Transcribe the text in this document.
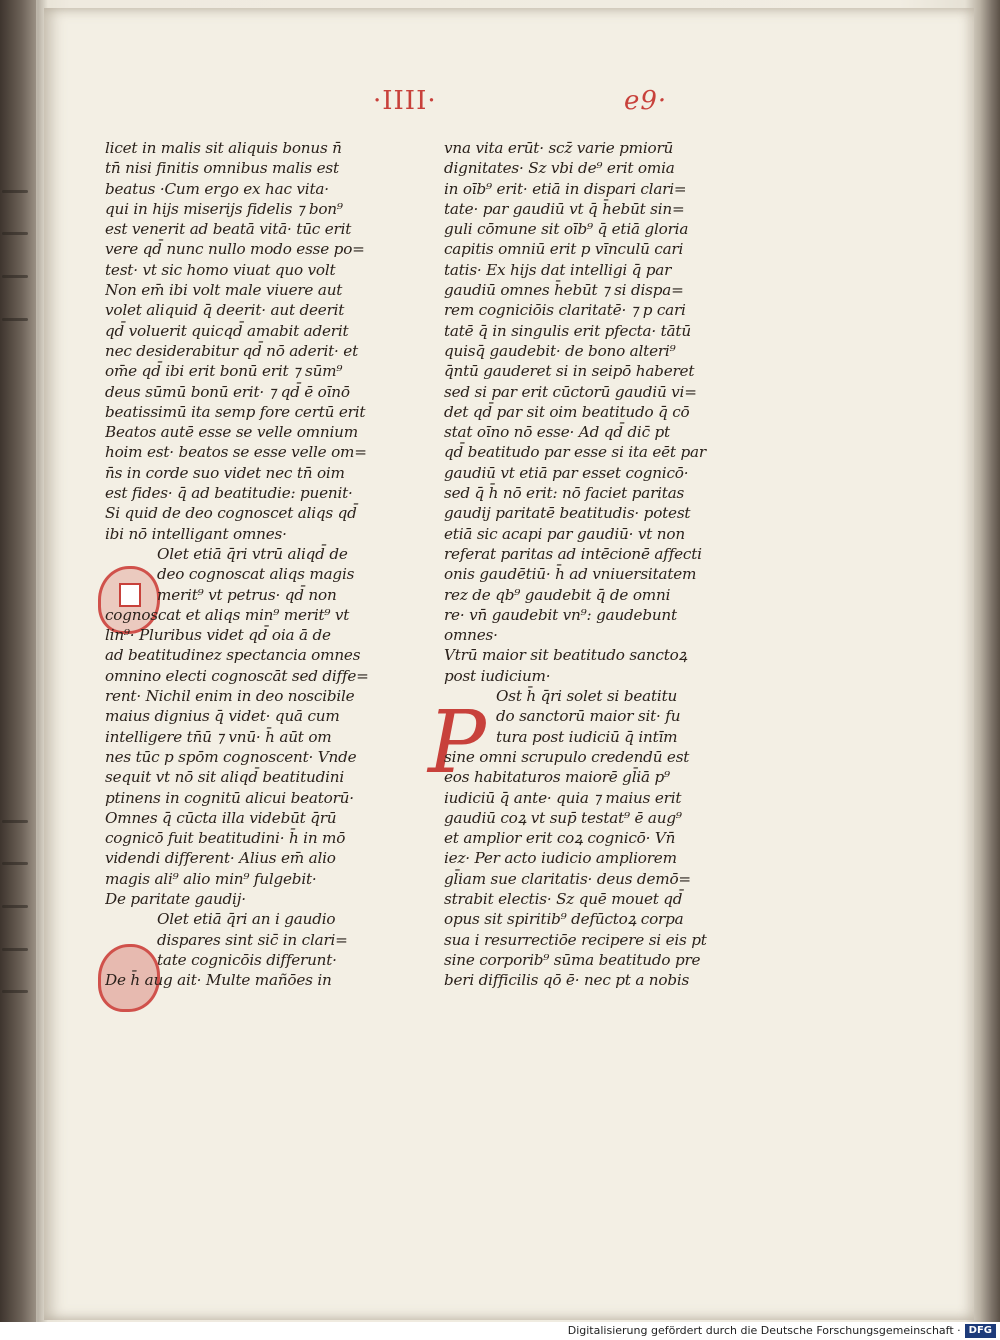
·IIII·	e9·
P
licet in malis sit aliquis bonus n̄
tn̄ nisi finitis omnibus malis est
beatus ·Cum ergo ex hac vita·
qui in hijs miserijs fidelis ⁊ bon⁹
est venerit ad beatā vitā· tūc erit
vere qd̄ nunc nullo modo esse po=
test· vt sic homo viuat quo volt
Non em̄ ibi volt male viuere aut
volet aliquid q̄ deerit· aut deerit
qd̄ voluerit quicqd̄ amabit aderit
nec desiderabitur qd̄ nō aderit· et
om̄e qd̄ ibi erit bonū erit ⁊ sūm⁹
deus sūmū bonū erit· ⁊ qd̄ ē oīnō
beatissimū ita semp fore certū erit
Beatos autē esse se velle omnium
hoim est· beatos se esse velle om=
n̄s in corde suo videt nec tn̄ oim
est fides· q̄ ad beatitudie: puenit·
Si quid de deo cognoscet aliqs qd̄
ibi nō intelligant omnes·
Olet etiā q̄ri vtrū aliqd̄ de
deo cognoscat aliqs magis
merit⁹ vt petrus· qd̄ non
cognoscat et aliqs min⁹ merit⁹ vt
lin⁹· Pluribus videt qd̄ oia ā de
ad beatitudinez spectancia omnes
omnino electi cognoscāt sed diffe=
rent· Nichil enim in deo noscibile
maius dignius q̄ videt· quā cum
intelligere tn̄ū ⁊ vnū· h̄ aūt om
nes tūc p spōm cognoscent· Vnde
sequit vt nō sit aliqd̄ beatitudini
ptinens in cognitū alicui beatorū·
Omnes q̄ cūcta illa videbūt q̄rū
cognicō fuit beatitudini· h̄ in mō
videndi different· Alius em̄ alio
magis ali⁹ alio min⁹ fulgebit·
De paritate gaudij·
Olet etiā q̄ri an i gaudio
dispares sint sic̄ in clari=
tate cognicōis differunt·
De h̄ aug ait· Multe mañōes in
vna vita erūt· scz̄ varie pmiorū
dignitates· Sz vbi de⁹ erit omia
in oīb⁹ erit· etiā in dispari clari=
tate· par gaudiū vt q̄ h̄ebūt sin=
guli cōmune sit oīb⁹ q̄ etiā gloria
capitis omniū erit p vīnculū cari
tatis· Ex hijs dat intelligi q̄ par
gaudiū omnes h̄ebūt ⁊ si dispa=
rem cogniciōis claritatē· ⁊ p cari
tatē q̄ in singulis erit pfecta· tātū
quisq̄ gaudebit· de bono alteri⁹
q̄ntū gauderet si in seipō haberet
sed si par erit cūctorū gaudiū vi=
det qd̄ par sit oim beatitudo q̄ cō
stat oīno nō esse· Ad qd̄ dic̄ pt
qd̄ beatitudo par esse si ita eēt par
gaudiū vt etiā par esset cognicō·
sed q̄ h̄ nō erit: nō faciet paritas
gaudij paritatē beatitudis· potest
etiā sic acapi par gaudiū· vt non
referat paritas ad intēcionē affecti
onis gaudētiū· h̄ ad vniuersitatem
rez de qb⁹ gaudebit q̄ de omni
re· vn̄ gaudebit vn⁹: gaudebunt
omnes·
Vtrū maior sit beatitudo sanctoꝝ
post iudicium·
Ost h̄ q̄ri solet si beatitu
do sanctorū maior sit· fu
tura post iudiciū q̄ intīm
sine omni scrupulo credendū est
eos habitaturos maiorē gl̄iā p⁹
iudiciū q̄ ante· quia ⁊ maius erit
gaudiū coꝝ vt sup̄ testat⁹ ē aug⁹
et amplior erit coꝝ cognicō· Vn̄
iez· Per acto iudicio ampliorem
gl̄iam sue claritatis· deus demō=
strabit electis· Sz quē mouet qd̄
opus sit spiritib⁹ defūctoꝝ corpa
sua i resurrectiōe recipere si eis pt
sine corporib⁹ sūma beatitudo pre
beri difficilis qō ē· nec pt a nobis
Digitalisierung gefördert durch die Deutsche Forschungsgemeinschaft · DFG
